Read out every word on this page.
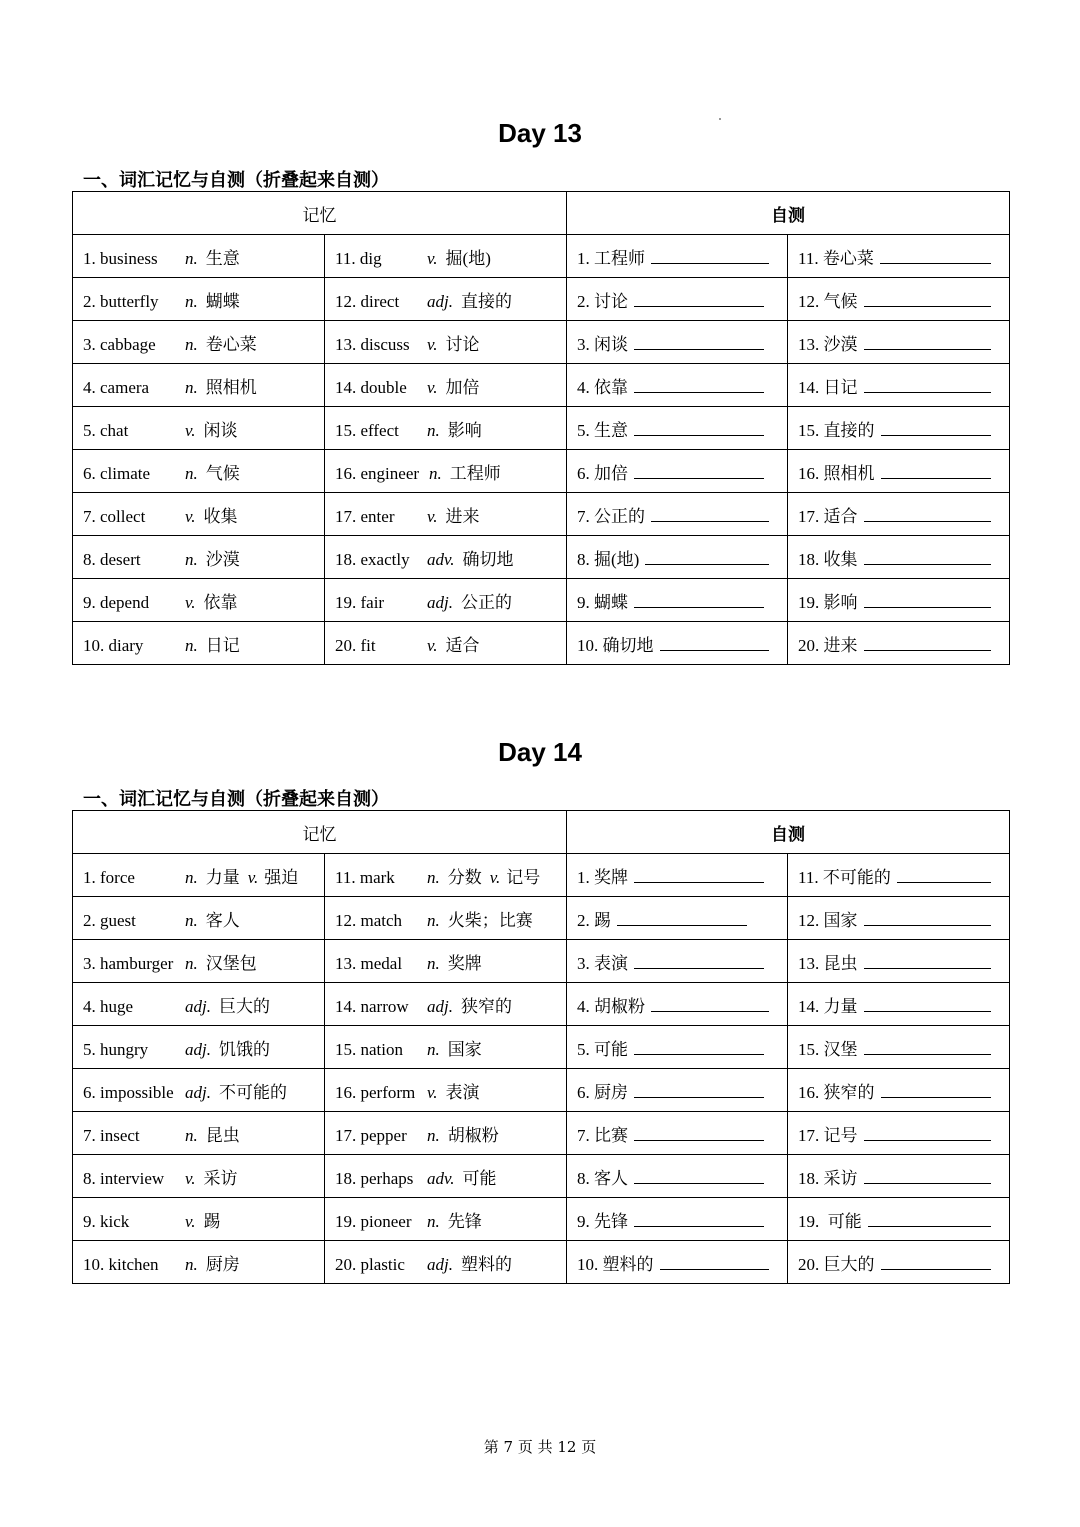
Day 13
一、词汇记忆与自测（折叠起来自测）
记忆		自测	
1. business n. 生意	11. dig v. 掘(地)	1. 工程师	11. 卷心菜
2. butterfly n. 蝴蝶	12. direct adj. 直接的	2. 讨论	12. 气候
3. cabbage n. 卷心菜	13. discuss v. 讨论	3. 闲谈	13. 沙漠
4. camera n. 照相机	14. double v. 加倍	4. 依靠	14. 日记
5. chat v. 闲谈	15. effect n. 影响	5. 生意	15. 直接的
6. climate n. 气候	16. engineer n. 工程师	6. 加倍	16. 照相机
7. collect v. 收集	17. enter v. 进来	7. 公正的	17. 适合
8. desert n. 沙漠	18. exactly adv. 确切地	8. 掘(地)	18. 收集
9. depend v. 依靠	19. fair adj. 公正的	9. 蝴蝶	19. 影响
10. diary n. 日记	20. fit v. 适合	10. 确切地	20. 进来
Day 14
一、词汇记忆与自测（折叠起来自测）
记忆		自测	
1. force n. 力量 v. 强迫	11. mark n. 分数 v. 记号	1. 奖牌	11. 不可能的
2. guest n. 客人	12. match n. 火柴；比赛	2. 踢	12. 国家
3. hamburger n. 汉堡包	13. medal n. 奖牌	3. 表演	13. 昆虫
4. huge adj. 巨大的	14. narrow adj. 狭窄的	4. 胡椒粉	14. 力量
5. hungry adj. 饥饿的	15. nation n. 国家	5. 可能	15. 汉堡
6. impossible adj. 不可能的	16. perform v. 表演	6. 厨房	16. 狭窄的
7. insect n. 昆虫	17. pepper n. 胡椒粉	7. 比赛	17. 记号
8. interview v. 采访	18. perhaps adv. 可能	8. 客人	18. 采访
9. kick v. 踢	19. pioneer n. 先锋	9. 先锋	19.  可能
10. kitchen n. 厨房	20. plastic adj. 塑料的	10. 塑料的	20. 巨大的
第 7 页 共 12 页
